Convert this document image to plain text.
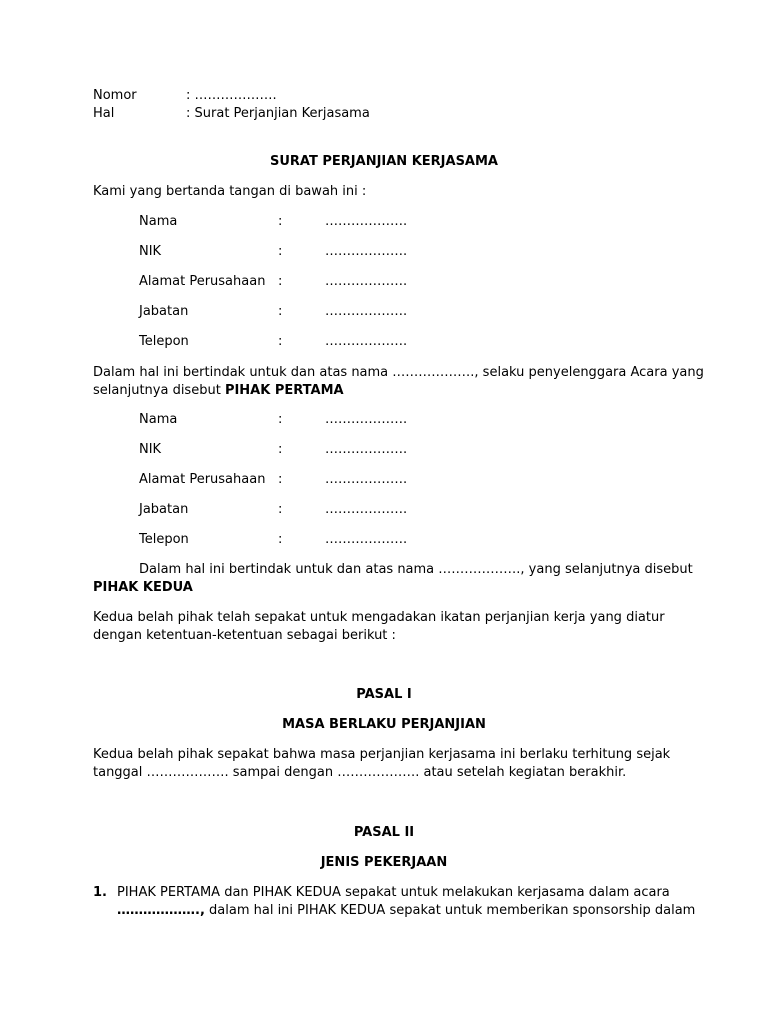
Nomor	: ……………….
Hal	: Surat Perjanjian Kerjasama
SURAT PERJANJIAN KERJASAMA
Kami yang bertanda tangan di bawah ini :
Nama	:	……………….
NIK	:	……………….
Alamat Perusahaan :	……………….
Jabatan	:	……………….
Telepon	:	……………….
Dalam hal ini bertindak untuk dan atas nama ………………., selaku penyelenggara Acara yang
selanjutnya disebut PIHAK PERTAMA
Nama	:	……………….
NIK	:	……………….
Alamat Perusahaan :	……………….
Jabatan	:	……………….
Telepon	:	……………….
Dalam hal ini bertindak untuk dan atas nama ………………., yang selanjutnya disebut
PIHAK KEDUA
Kedua belah pihak telah sepakat untuk mengadakan ikatan perjanjian kerja yang diatur
dengan ketentuan-ketentuan sebagai berikut :
PASAL I
MASA BERLAKU PERJANJIAN
Kedua belah pihak sepakat bahwa masa perjanjian kerjasama ini berlaku terhitung sejak
tanggal ………………. sampai dengan ………………. atau setelah kegiatan berakhir.
PASAL II
JENIS PEKERJAAN
1. PIHAK PERTAMA dan PIHAK KEDUA sepakat untuk melakukan kerjasama dalam acara
………………., dalam hal ini PIHAK KEDUA sepakat untuk memberikan sponsorship dalam
